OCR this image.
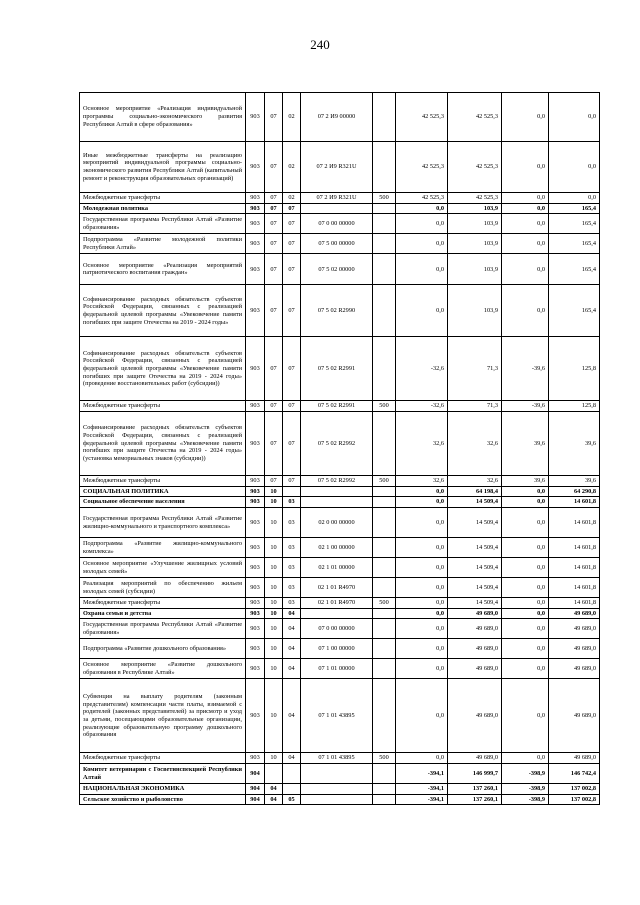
240
Основное мероприятие «Реализация индивидуальной программы социально-экономического развития Республики Алтай в сфере образования»	903	07	02	07 2 И9 00000		42 525,3	42 525,3	0,0	0,0
Иные межбюджетные трансферты на реализацию мероприятий индивидуальной программы социально-экономического развития Республики Алтай (капитальный ремонт и реконструкция образовательных организаций)	903	07	02	07 2 И9 R321U		42 525,3	42 525,3	0,0	0,0
Межбюджетные трансферты	903	07	02	07 2 И9 R321U	500	42 525,3	42 525,3	0,0	0,0
Молодежная политика	903	07	07			0,0	103,9	0,0	165,4
Государственная программа Республики Алтай «Развитие образования»	903	07	07	07 0 00 00000		0,0	103,9	0,0	165,4
Подпрограмма «Развитие молодежной политики Республики Алтай»	903	07	07	07 5 00 00000		0,0	103,9	0,0	165,4
Основное мероприятие «Реализация мероприятий патриотического воспитания граждан»	903	07	07	07 5 02 00000		0,0	103,9	0,0	165,4
Софинансирование расходных обязательств субъектов Российской Федерации, связанных с реализацией федеральной целевой программы «Увековечение памяти погибших при защите Отечества на 2019 - 2024 годы»	903	07	07	07 5 02 R2990		0,0	103,9	0,0	165,4
Софинансирование расходных обязательств субъектов Российской Федерации, связанных с реализацией федеральной целевой программы «Увековечение памяти погибших при защите Отечества на 2019 - 2024 годы» (проведение восстановительных работ (субсидии))	903	07	07	07 5 02 R2991		-32,6	71,3	-39,6	125,8
Межбюджетные трансферты	903	07	07	07 5 02 R2991	500	-32,6	71,3	-39,6	125,8
Софинансирование расходных обязательств субъектов Российской Федерации, связанных с реализацией федеральной целевой программы «Увековечение памяти погибших при защите Отечества на 2019 - 2024 годы» (установка мемориальных знаков (субсидии))	903	07	07	07 5 02 R2992		32,6	32,6	39,6	39,6
Межбюджетные трансферты	903	07	07	07 5 02 R2992	500	32,6	32,6	39,6	39,6
СОЦИАЛЬНАЯ ПОЛИТИКА	903	10				0,0	64 198,4	0,0	64 290,8
Социальное обеспечение населения	903	10	03			0,0	14 509,4	0,0	14 601,8
Государственная программа Республики Алтай «Развитие жилищно-коммунального и транспортного комплекса»	903	10	03	02 0 00 00000		0,0	14 509,4	0,0	14 601,8
Подпрограмма «Развитие жилищно-коммунального комплекса»	903	10	03	02 1 00 00000		0,0	14 509,4	0,0	14 601,8
Основное мероприятие «Улучшение жилищных условий молодых семей»	903	10	03	02 1 01 00000		0,0	14 509,4	0,0	14 601,8
Реализация мероприятий по обеспечению жильем молодых семей (субсидии)	903	10	03	02 1 01 R4970		0,0	14 509,4	0,0	14 601,8
Межбюджетные трансферты	903	10	03	02 1 01 R4970	500	0,0	14 509,4	0,0	14 601,8
Охрана семьи и детства	903	10	04			0,0	49 689,0	0,0	49 689,0
Государственная программа Республики Алтай «Развитие образования»	903	10	04	07 0 00 00000		0,0	49 689,0	0,0	49 689,0
Подпрограмма «Развитие дошкольного образования»	903	10	04	07 1 00 00000		0,0	49 689,0	0,0	49 689,0
Основное мероприятие «Развитие дошкольного образования в Республике Алтай»	903	10	04	07 1 01 00000		0,0	49 689,0	0,0	49 689,0
Субвенция на выплату родителям (законным представителям) компенсации части платы, взимаемой с родителей (законных представителей) за присмотр и уход за детьми, посещающими образовательные организации, реализующие образовательную программу дошкольного образования	903	10	04	07 1 01 43895		0,0	49 689,0	0,0	49 689,0
Межбюджетные трансферты	903	10	04	07 1 01 43895	500	0,0	49 689,0	0,0	49 689,0
Комитет ветеринарии с Госветинспекцией Республики Алтай	904					-394,1	146 999,7	-398,9	146 742,4
НАЦИОНАЛЬНАЯ ЭКОНОМИКА	904	04				-394,1	137 260,1	-398,9	137 002,8
Сельское хозяйство и рыболовство	904	04	05			-394,1	137 260,1	-398,9	137 002,8
